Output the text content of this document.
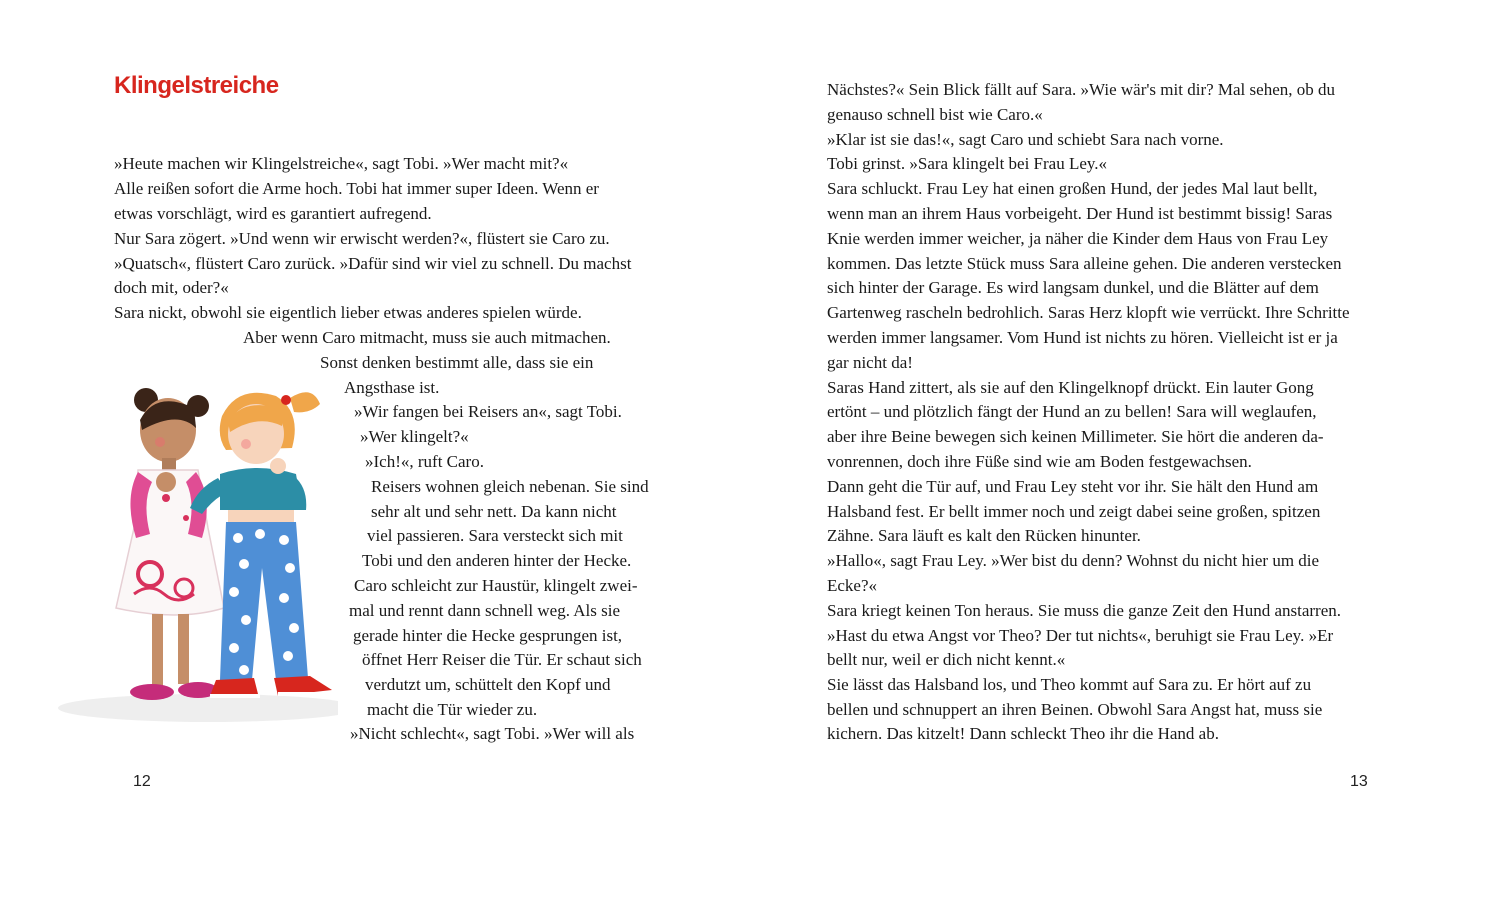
Klingelstreiche
»Heute machen wir Klingelstreiche«, sagt Tobi. »Wer macht mit?«
Alle reißen sofort die Arme hoch. Tobi hat immer super Ideen. Wenn er
etwas vorschlägt, wird es garantiert aufregend.
Nur Sara zögert. »Und wenn wir erwischt werden?«, flüstert sie Caro zu.
»Quatsch«, flüstert Caro zurück. »Dafür sind wir viel zu schnell. Du machst
doch mit, oder?«
Sara nickt, obwohl sie eigentlich lieber etwas anderes spielen würde.
Aber wenn Caro mitmacht, muss sie auch mitmachen.
Sonst denken bestimmt alle, dass sie ein
Angsthase ist.
»Wir fangen bei Reisers an«, sagt Tobi.
»Wer klingelt?«
»Ich!«, ruft Caro.
Reisers wohnen gleich nebenan. Sie sind
sehr alt und sehr nett. Da kann nicht
viel passieren. Sara versteckt sich mit
Tobi und den anderen hinter der Hecke.
Caro schleicht zur Haustür, klingelt zwei-
mal und rennt dann schnell weg. Als sie
gerade hinter die Hecke gesprungen ist,
öffnet Herr Reiser die Tür. Er schaut sich
verdutzt um, schüttelt den Kopf und
macht die Tür wieder zu.
»Nicht schlecht«, sagt Tobi. »Wer will als
12
Nächstes?« Sein Blick fällt auf Sara. »Wie wär's mit dir? Mal sehen, ob du
genauso schnell bist wie Caro.«
»Klar ist sie das!«, sagt Caro und schiebt Sara nach vorne.
Tobi grinst. »Sara klingelt bei Frau Ley.«
Sara schluckt. Frau Ley hat einen großen Hund, der jedes Mal laut bellt,
wenn man an ihrem Haus vorbeigeht. Der Hund ist bestimmt bissig! Saras
Knie werden immer weicher, ja näher die Kinder dem Haus von Frau Ley
kommen. Das letzte Stück muss Sara alleine gehen. Die anderen verstecken
sich hinter der Garage. Es wird langsam dunkel, und die Blätter auf dem
Gartenweg rascheln bedrohlich. Saras Herz klopft wie verrückt. Ihre Schritte
werden immer langsamer. Vom Hund ist nichts zu hören. Vielleicht ist er ja
gar nicht da!
Saras Hand zittert, als sie auf den Klingelknopf drückt. Ein lauter Gong
ertönt – und plötzlich fängt der Hund an zu bellen! Sara will weglaufen,
aber ihre Beine bewegen sich keinen Millimeter. Sie hört die anderen da-
vonrennen, doch ihre Füße sind wie am Boden festgewachsen.
Dann geht die Tür auf, und Frau Ley steht vor ihr. Sie hält den Hund am
Halsband fest. Er bellt immer noch und zeigt dabei seine großen, spitzen
Zähne. Sara läuft es kalt den Rücken hinunter.
»Hallo«, sagt Frau Ley. »Wer bist du denn? Wohnst du nicht hier um die
Ecke?«
Sara kriegt keinen Ton heraus. Sie muss die ganze Zeit den Hund anstarren.
»Hast du etwa Angst vor Theo? Der tut nichts«, beruhigt sie Frau Ley. »Er
bellt nur, weil er dich nicht kennt.«
Sie lässt das Halsband los, und Theo kommt auf Sara zu. Er hört auf zu
bellen und schnuppert an ihren Beinen. Obwohl Sara Angst hat, muss sie
kichern. Das kitzelt! Dann schleckt Theo ihr die Hand ab.
13
